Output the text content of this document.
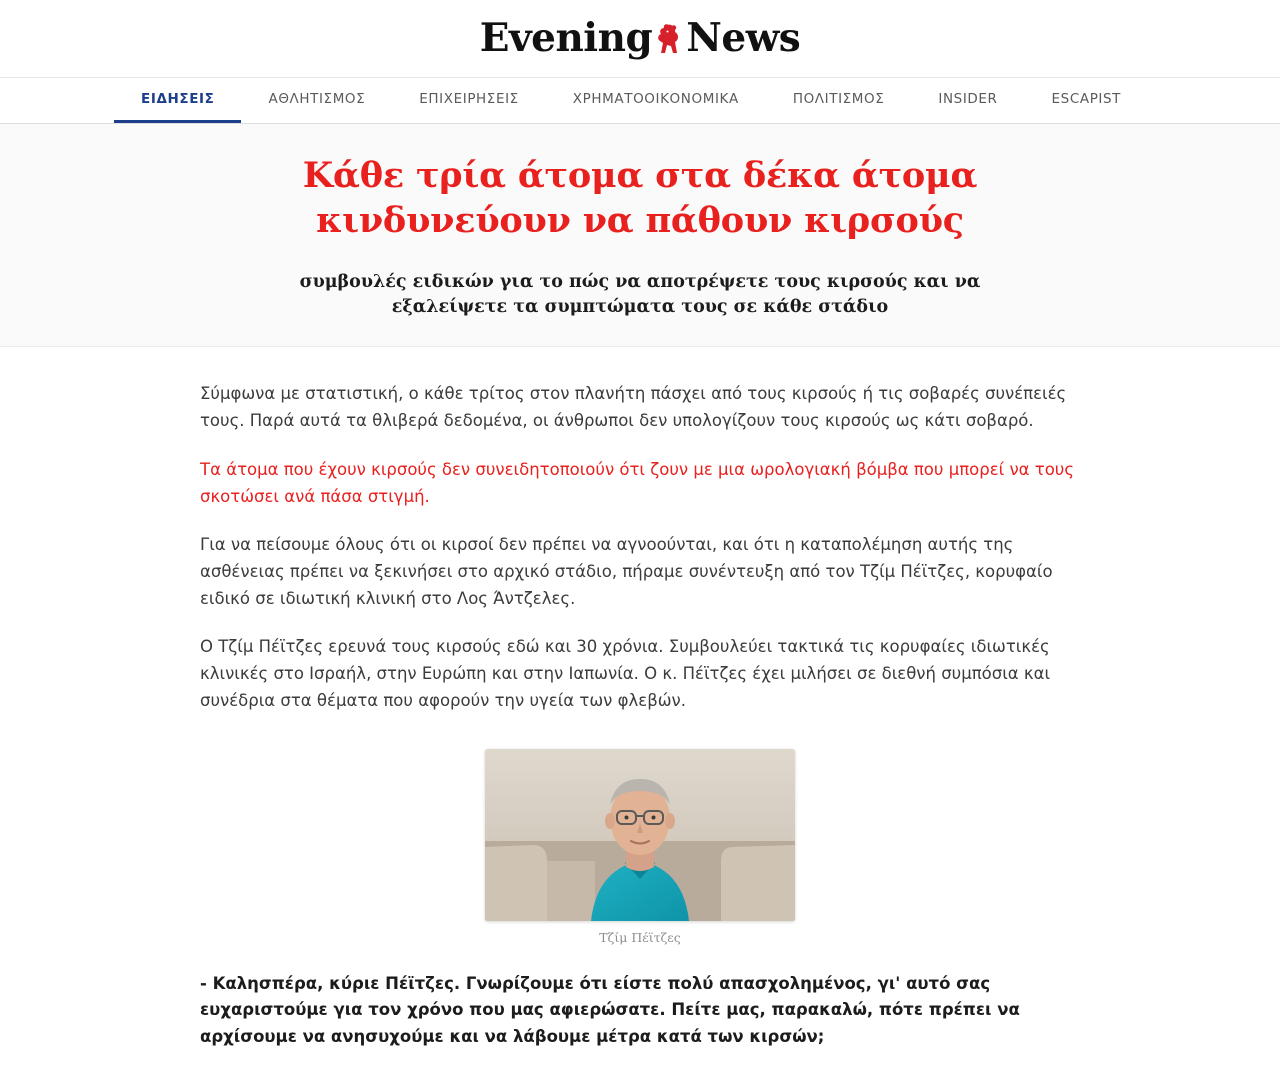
Evening News
ΕΙΔΗΣΕΙΣ	ΑΘΛΗΤΙΣΜΟΣ	ΕΠΙΧΕΙΡΗΣΕΙΣ	ΧΡΗΜΑΤΟΟΙΚΟΝΟΜΙΚΑ	ΠΟΛΙΤΙΣΜΟΣ	INSIDER	ESCAPIST
Κάθε τρία άτομα στα δέκα άτομα κινδυνεύουν να πάθουν κιρσούς
συμβουλές ειδικών για το πώς να αποτρέψετε τους κιρσούς και να εξαλείψετε τα συμπτώματα τους σε κάθε στάδιο

Σύμφωνα με στατιστική, ο κάθε τρίτος στον πλανήτη πάσχει από τους κιρσούς ή τις σοβαρές συνέπειές τους. Παρά αυτά τα θλιβερά δεδομένα, οι άνθρωποι δεν υπολογίζουν τους κιρσούς ως κάτι σοβαρό.

Τα άτομα που έχουν κιρσούς δεν συνειδητοποιούν ότι ζουν με μια ωρολογιακή βόμβα που μπορεί να τους σκοτώσει ανά πάσα στιγμή.

Για να πείσουμε όλους ότι οι κιρσοί δεν πρέπει να αγνοούνται, και ότι η καταπολέμηση αυτής της ασθένειας πρέπει να ξεκινήσει στο αρχικό στάδιο, πήραμε συνέντευξη από τον Τζίμ Πέϊτζες, κορυφαίο ειδικό σε ιδιωτική κλινική στο Λος Άντζελες.

Ο Τζίμ Πέϊτζες ερευνά τους κιρσούς εδώ και 30 χρόνια. Συμβουλεύει τακτικά τις κορυφαίες ιδιωτικές κλινικές στο Ισραήλ, στην Ευρώπη και στην Ιαπωνία. Ο κ. Πέϊτζες έχει μιλήσει σε διεθνή συμπόσια και συνέδρια στα θέματα που αφορούν την υγεία των φλεβών.

Τζίμ Πέϊτζες

- Καλησπέρα, κύριε Πέϊτζες. Γνωρίζουμε ότι είστε πολύ απασχολημένος, γι' αυτό σας ευχαριστούμε για τον χρόνο που μας αφιερώσατε. Πείτε μας, παρακαλώ, πότε πρέπει να αρχίσουμε να ανησυχούμε και να λάβουμε μέτρα κατά των κιρσών;
